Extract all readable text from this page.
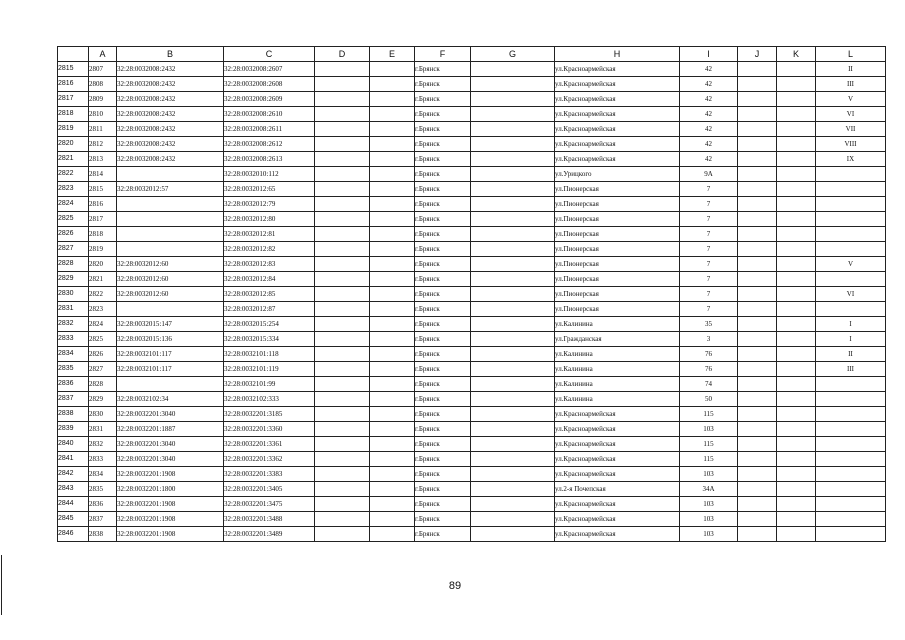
	A	B	C	D	E	F	G	H	I	J	K	L
2815	2807	32:28:0032008:2432	32:28:0032008:2607			г.Брянск		ул.Красноармейская	42			II
2816	2808	32:28:0032008:2432	32:28:0032008:2608			г.Брянск		ул.Красноармейская	42			III
2817	2809	32:28:0032008:2432	32:28:0032008:2609			г.Брянск		ул.Красноармейская	42			V
2818	2810	32:28:0032008:2432	32:28:0032008:2610			г.Брянск		ул.Красноармейская	42			VI
2819	2811	32:28:0032008:2432	32:28:0032008:2611			г.Брянск		ул.Красноармейская	42			VII
2820	2812	32:28:0032008:2432	32:28:0032008:2612			г.Брянск		ул.Красноармейская	42			VIII
2821	2813	32:28:0032008:2432	32:28:0032008:2613			г.Брянск		ул.Красноармейская	42			IX
2822	2814		32:28:0032010:112			г.Брянск		ул.Урицкого	9А			
2823	2815	32:28:0032012:57	32:28:0032012:65			г.Брянск		ул.Пионерская	7			
2824	2816		32:28:0032012:79			г.Брянск		ул.Пионерская	7			
2825	2817		32:28:0032012:80			г.Брянск		ул.Пионерская	7			
2826	2818		32:28:0032012:81			г.Брянск		ул.Пионерская	7			
2827	2819		32:28:0032012:82			г.Брянск		ул.Пионерская	7			
2828	2820	32:28:0032012:60	32:28:0032012:83			г.Брянск		ул.Пионерская	7			V
2829	2821	32:28:0032012:60	32:28:0032012:84			г.Брянск		ул.Пионерская	7			
2830	2822	32:28:0032012:60	32:28:0032012:85			г.Брянск		ул.Пионерская	7			VI
2831	2823		32:28:0032012:87			г.Брянск		ул.Пионерская	7			
2832	2824	32:28:0032015:147	32:28:0032015:254			г.Брянск		ул.Калинина	35			I
2833	2825	32:28:0032015:136	32:28:0032015:334			г.Брянск		ул.Гражданская	3			I
2834	2826	32:28:0032101:117	32:28:0032101:118			г.Брянск		ул.Калинина	76			II
2835	2827	32:28:0032101:117	32:28:0032101:119			г.Брянск		ул.Калинина	76			III
2836	2828		32:28:0032101:99			г.Брянск		ул.Калинина	74			
2837	2829	32:28:0032102:34	32:28:0032102:333			г.Брянск		ул.Калинина	50			
2838	2830	32:28:0032201:3040	32:28:0032201:3185			г.Брянск		ул.Красноармейская	115			
2839	2831	32:28:0032201:1887	32:28:0032201:3360			г.Брянск		ул.Красноармейская	103			
2840	2832	32:28:0032201:3040	32:28:0032201:3361			г.Брянск		ул.Красноармейская	115			
2841	2833	32:28:0032201:3040	32:28:0032201:3362			г.Брянск		ул.Красноармейская	115			
2842	2834	32:28:0032201:1908	32:28:0032201:3383			г.Брянск		ул.Красноармейская	103			
2843	2835	32:28:0032201:1800	32:28:0032201:3405			г.Брянск		ул.2-я Почепская	34А			
2844	2836	32:28:0032201:1908	32:28:0032201:3475			г.Брянск		ул.Красноармейская	103			
2845	2837	32:28:0032201:1908	32:28:0032201:3488			г.Брянск		ул.Красноармейская	103			
2846	2838	32:28:0032201:1908	32:28:0032201:3489			г.Брянск		ул.Красноармейская	103			
89
